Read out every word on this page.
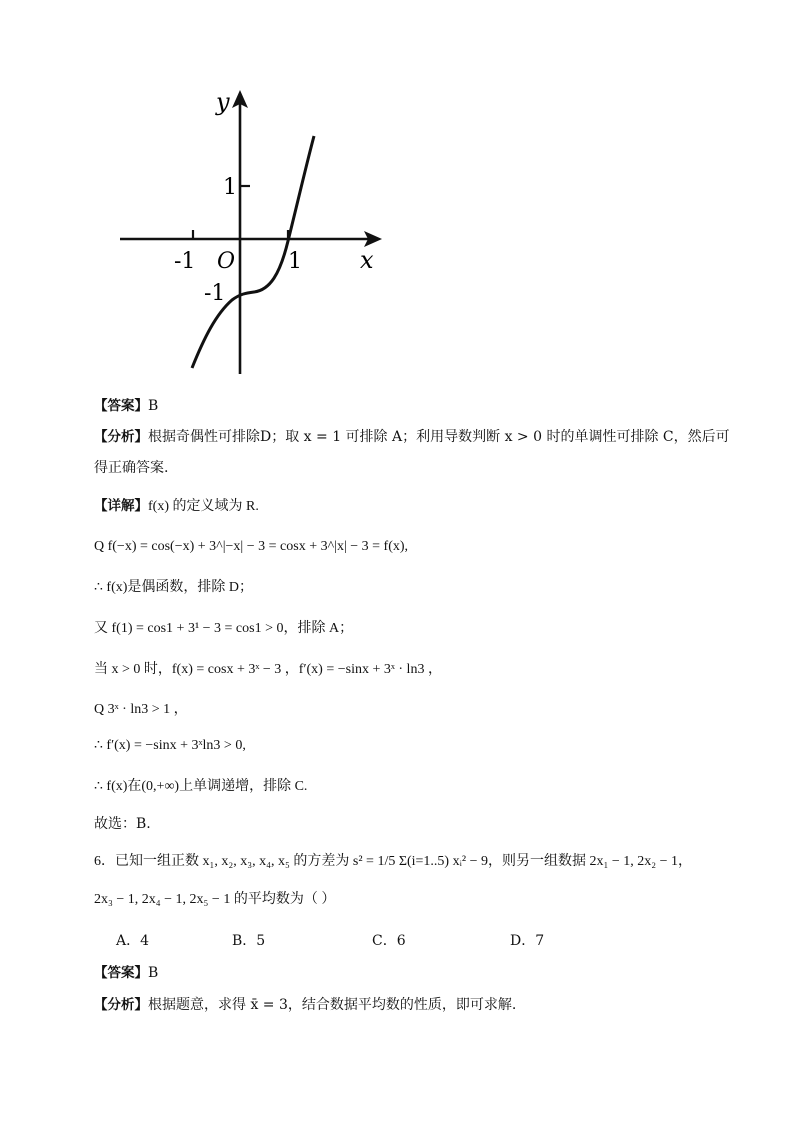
y
x
1
-1 O 1
-1
【答案】B
【分析】根据奇偶性可排除D；取 x = 1 可排除 A；利用导数判断 x > 0 时的单调性可排除 C，然后可
得正确答案.
【详解】f(x) 的定义域为 R.
Q f(−x) = cos(−x) + 3^|−x| − 3 = cosx + 3^|x| − 3 = f(x),
∴ f(x)是偶函数，排除 D；
又 f(1) = cos1 + 3¹ − 3 = cos1 > 0，排除 A；
当 x > 0 时，f(x) = cosx + 3ˣ − 3 ，f′(x) = −sinx + 3ˣ · ln3 ，
Q 3ˣ · ln3 > 1 ，
∴ f′(x) = −sinx + 3ˣln3 > 0,
∴ f(x)在(0,+∞)上单调递增，排除 C.
故选：B.
6．已知一组正数 x₁, x₂, x₃, x₄, x₅ 的方差为 s² = 1/5 Σ(i=1..5) xᵢ² − 9，则另一组数据 2x₁ − 1, 2x₂ − 1，
2x₃ − 1, 2x₄ − 1, 2x₅ − 1 的平均数为（ ）
A．4	B．5	C．6	D．7
【答案】B
【分析】根据题意，求得 x̄ = 3，结合数据平均数的性质，即可求解.
